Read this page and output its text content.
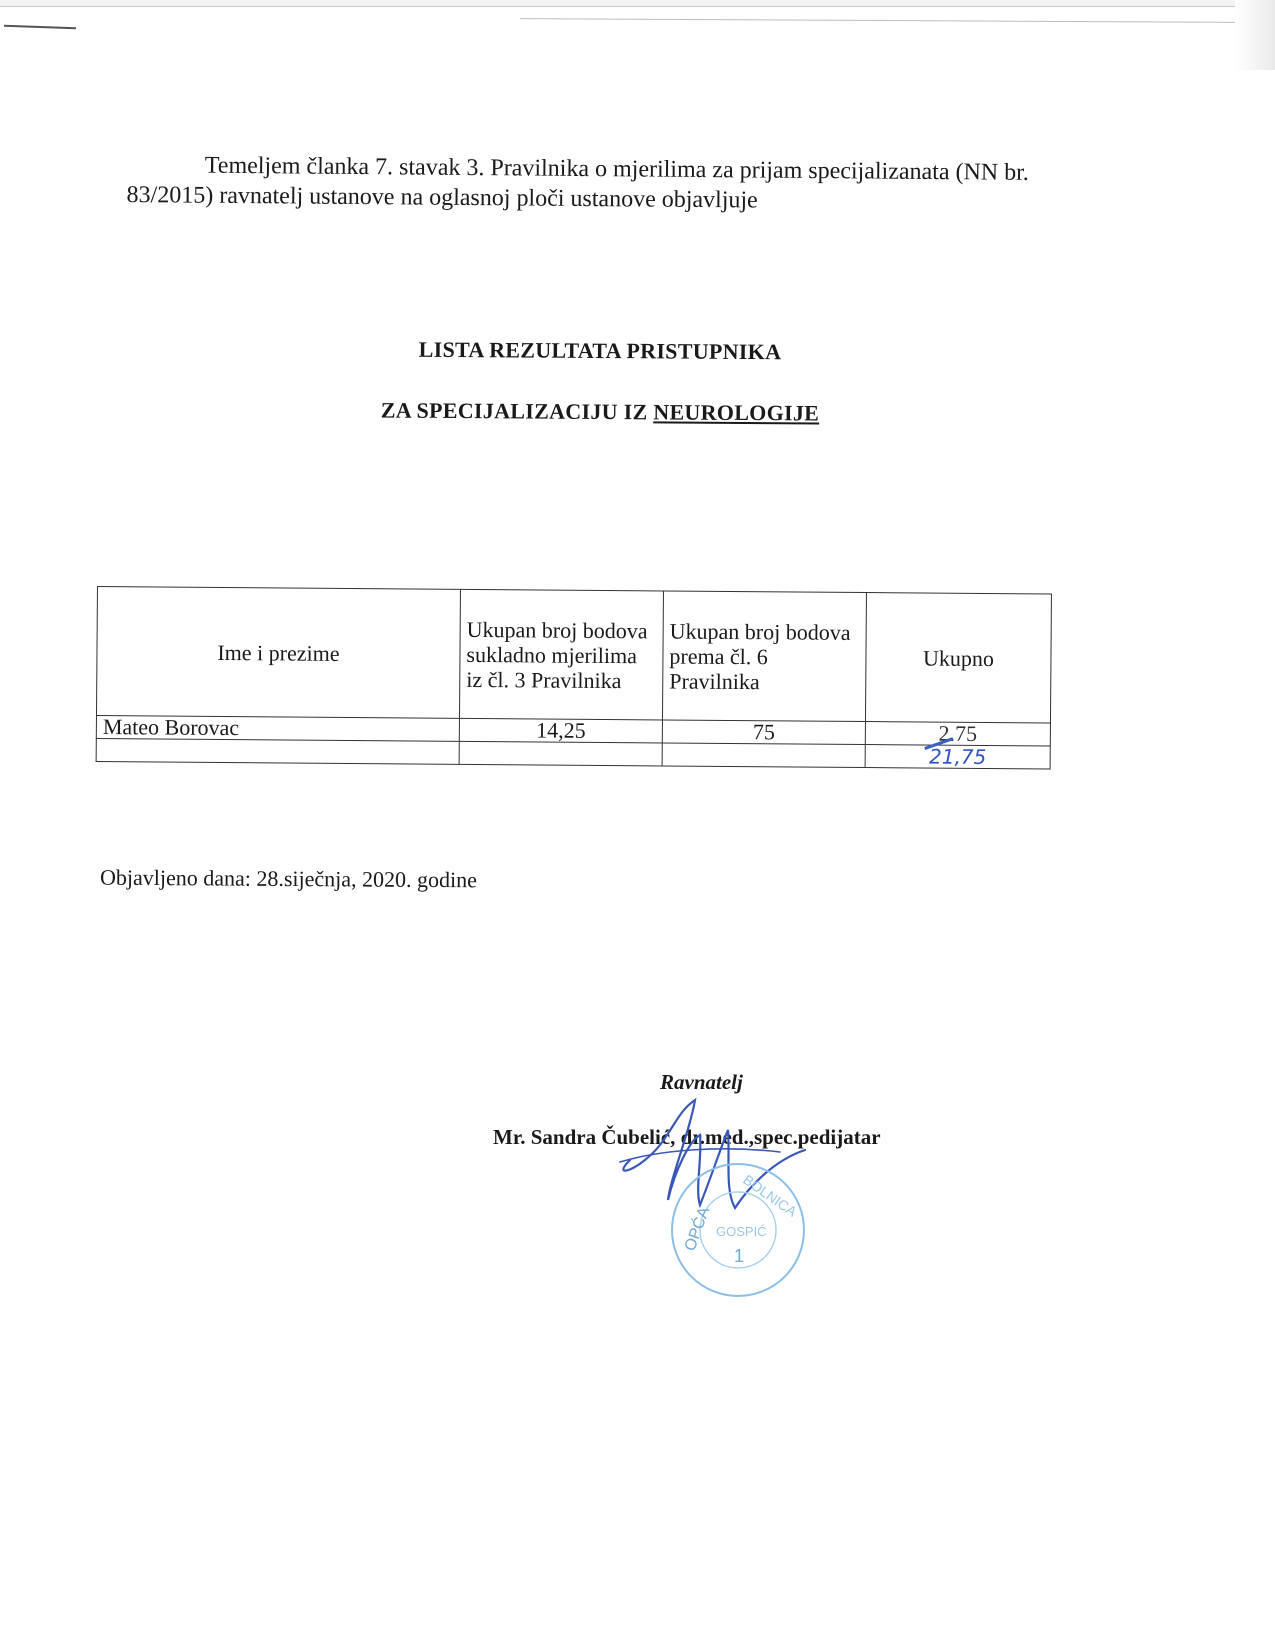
Temeljem članka 7. stavak 3. Pravilnika o mjerilima za prijam specijalizanata (NN br. 83/2015) ravnatelj ustanove na oglasnoj ploči ustanove objavljuje
LISTA REZULTATA PRISTUPNIKA
ZA SPECIJALIZACIJU IZ NEUROLOGIJE
Ime i prezime	Ukupan broj bodova sukladno mjerilima iz čl. 3 Pravilnika	Ukupan broj bodova prema čl. 6 Pravilnika	Ukupno
Mateo Borovac	14,25	75	2.75

			21,75
Objavljeno dana: 28.siječnja, 2020. godine
Ravnatelj
Mr. Sandra Čubelić, dr.med.,spec.pedijatar
OPĆA
BOLNICA
GOSPIĆ
1
